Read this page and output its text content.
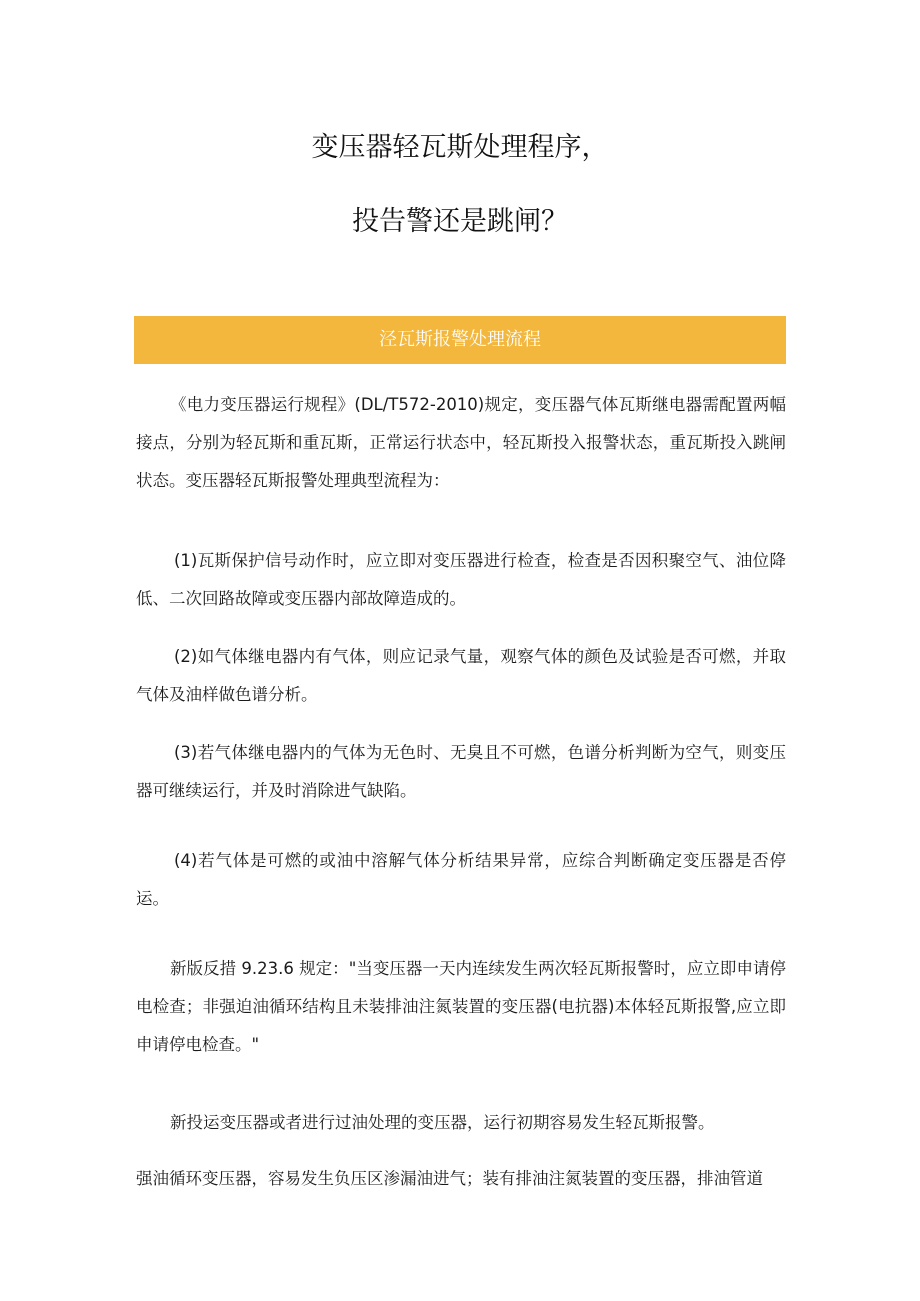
变压器轻瓦斯处理程序，
投告警还是跳闸？
泾瓦斯报警处理流程

《电力变压器运行规程》(DL/T572-2010)规定，变压器气体瓦斯继电器需配置两幅接点，分别为轻瓦斯和重瓦斯，正常运行状态中，轻瓦斯投入报警状态，重瓦斯投入跳闸状态。变压器轻瓦斯报警处理典型流程为：

(1)瓦斯保护信号动作时，应立即对变压器进行检查，检查是否因积聚空气、油位降低、二次回路故障或变压器内部故障造成的。

(2)如气体继电器内有气体，则应记录气量，观察气体的颜色及试验是否可燃，并取气体及油样做色谱分析。

(3)若气体继电器内的气体为无色时、无臭且不可燃，色谱分析判断为空气，则变压器可继续运行，并及时消除进气缺陷。

(4)若气体是可燃的或油中溶解气体分析结果异常，应综合判断确定变压器是否停运。

新版反措 9.23.6 规定："当变压器一天内连续发生两次轻瓦斯报警时，应立即申请停电检查；非强迫油循环结构且未装排油注氮装置的变压器(电抗器)本体轻瓦斯报警,应立即申请停电检查。"

新投运变压器或者进行过油处理的变压器，运行初期容易发生轻瓦斯报警。

强油循环变压器，容易发生负压区渗漏油进气；装有排油注氮装置的变压器，排油管道
